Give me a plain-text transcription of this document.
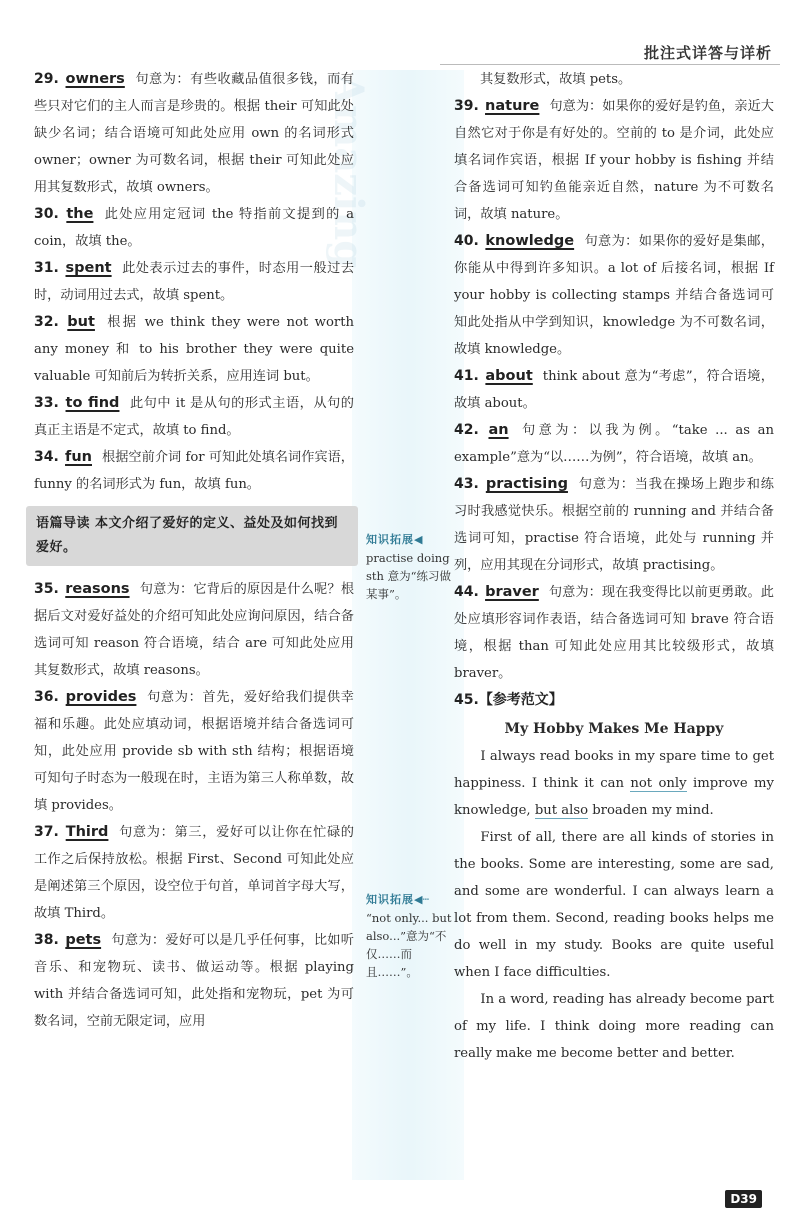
Amazing
批注式详答与详析

29. owners 句意为：有些收藏品值很多钱，而有些只对它们的主人而言是珍贵的。根据 their 可知此处缺少名词；结合语境可知此处应用 own 的名词形式 owner；owner 为可数名词，根据 their 可知此处应用其复数形式，故填 owners。

30. the 此处应用定冠词 the 特指前文提到的 a coin，故填 the。

31. spent 此处表示过去的事件，时态用一般过去时，动词用过去式，故填 spent。

32. but 根据 we think they were not worth any money 和 to his brother they were quite valuable 可知前后为转折关系，应用连词 but。

33. to find 此句中 it 是从句的形式主语，从句的真正主语是不定式，故填 to find。

34. fun 根据空前介词 for 可知此处填名词作宾语，funny 的名词形式为 fun，故填 fun。

语篇导读 本文介绍了爱好的定义、益处及如何找到爱好。

35. reasons 句意为：它背后的原因是什么呢？根据后文对爱好益处的介绍可知此处应询问原因，结合备选词可知 reason 符合语境，结合 are 可知此处应用其复数形式，故填 reasons。

36. provides 句意为：首先，爱好给我们提供幸福和乐趣。此处应填动词，根据语境并结合备选词可知，此处应用 provide sb with sth 结构；根据语境可知句子时态为一般现在时，主语为第三人称单数，故填 provides。

37. Third 句意为：第三，爱好可以让你在忙碌的工作之后保持放松。根据 First、Second 可知此处应是阐述第三个原因，设空位于句首，单词首字母大写，故填 Third。

38. pets 句意为：爱好可以是几乎任何事，比如听音乐、和宠物玩、读书、做运动等。根据 playing with 并结合备选词可知，此处指和宠物玩，pet 为可数名词，空前无限定词，应用

知识拓展◀
practise doing sth 意为“练习做某事”。
知识拓展◀┄
“not only... but also...”意为“不仅……而且……”。

其复数形式，故填 pets。

39. nature 句意为：如果你的爱好是钓鱼，亲近大自然它对于你是有好处的。空前的 to 是介词，此处应填名词作宾语，根据 If your hobby is fishing 并结合备选词可知钓鱼能亲近自然，nature 为不可数名词，故填 nature。

40. knowledge 句意为：如果你的爱好是集邮，你能从中得到许多知识。a lot of 后接名词，根据 If your hobby is collecting stamps 并结合备选词可知此处指从中学到知识，knowledge 为不可数名词，故填 knowledge。

41. about think about 意为“考虑”，符合语境，故填 about。

42. an 句意为：以我为例。“take ... as an example”意为“以……为例”，符合语境，故填 an。

43. practising 句意为：当我在操场上跑步和练习时我感觉快乐。根据空前的 running and 并结合备选词可知，practise 符合语境，此处与 running 并列，应用其现在分词形式，故填 practising。

44. braver 句意为：现在我变得比以前更勇敢。此处应填形容词作表语，结合备选词可知 brave 符合语境，根据 than 可知此处应用其比较级形式，故填 braver。

45.【参考范文】

My Hobby Makes Me Happy

I always read books in my spare time to get happiness. I think it can not only improve my knowledge, but also broaden my mind.

First of all, there are all kinds of stories in the books. Some are interesting, some are sad, and some are wonderful. I can always learn a lot from them. Second, reading books helps me do well in my study. Books are quite useful when I face difficulties.

In a word, reading has already become part of my life. I think doing more reading can really make me become better and better.

D39
